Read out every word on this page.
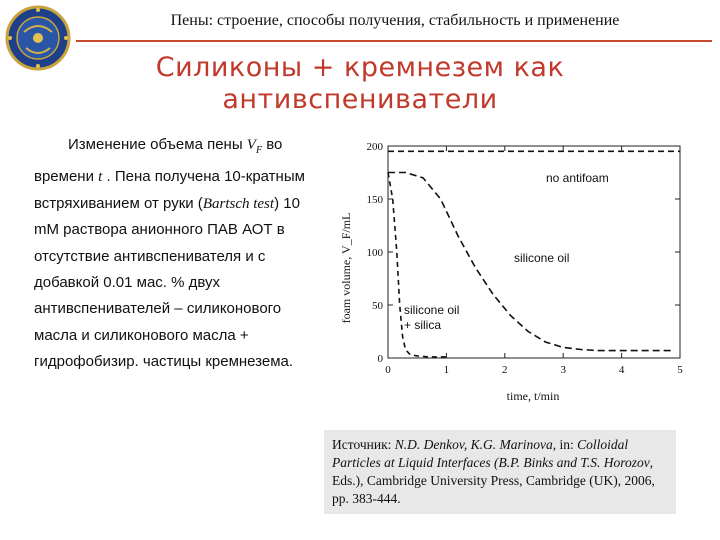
Пены: строение, способы получения, стабильность и применение
Силиконы + кремнезем как
антивспениватели
Изменение объема пены $V_F$ во времени t . Пена получена 10-кратным встряхиванием от руки (Bartsch test) 10 mM раствора анионного ПАВ АОТ в отсутствие антивспенивателя и с добавкой 0.01 мас. % двух антивспенивателей – силиконового масла и силиконового масла + гидрофобизир. частицы кремнезема.	0	1	2	3	4	5
0
50
100
150
200
foam volume, V_F/mL
time, t/min
no antifoam
silicone oil
silicone oil
+ silica
Источник: N.D. Denkov, K.G. Marinova, in: Colloidal Particles at Liquid Interfaces (B.P. Binks and T.S. Horozov, Eds.), Cambridge University Press, Cambridge (UK), 2006, pp. 383-444.
